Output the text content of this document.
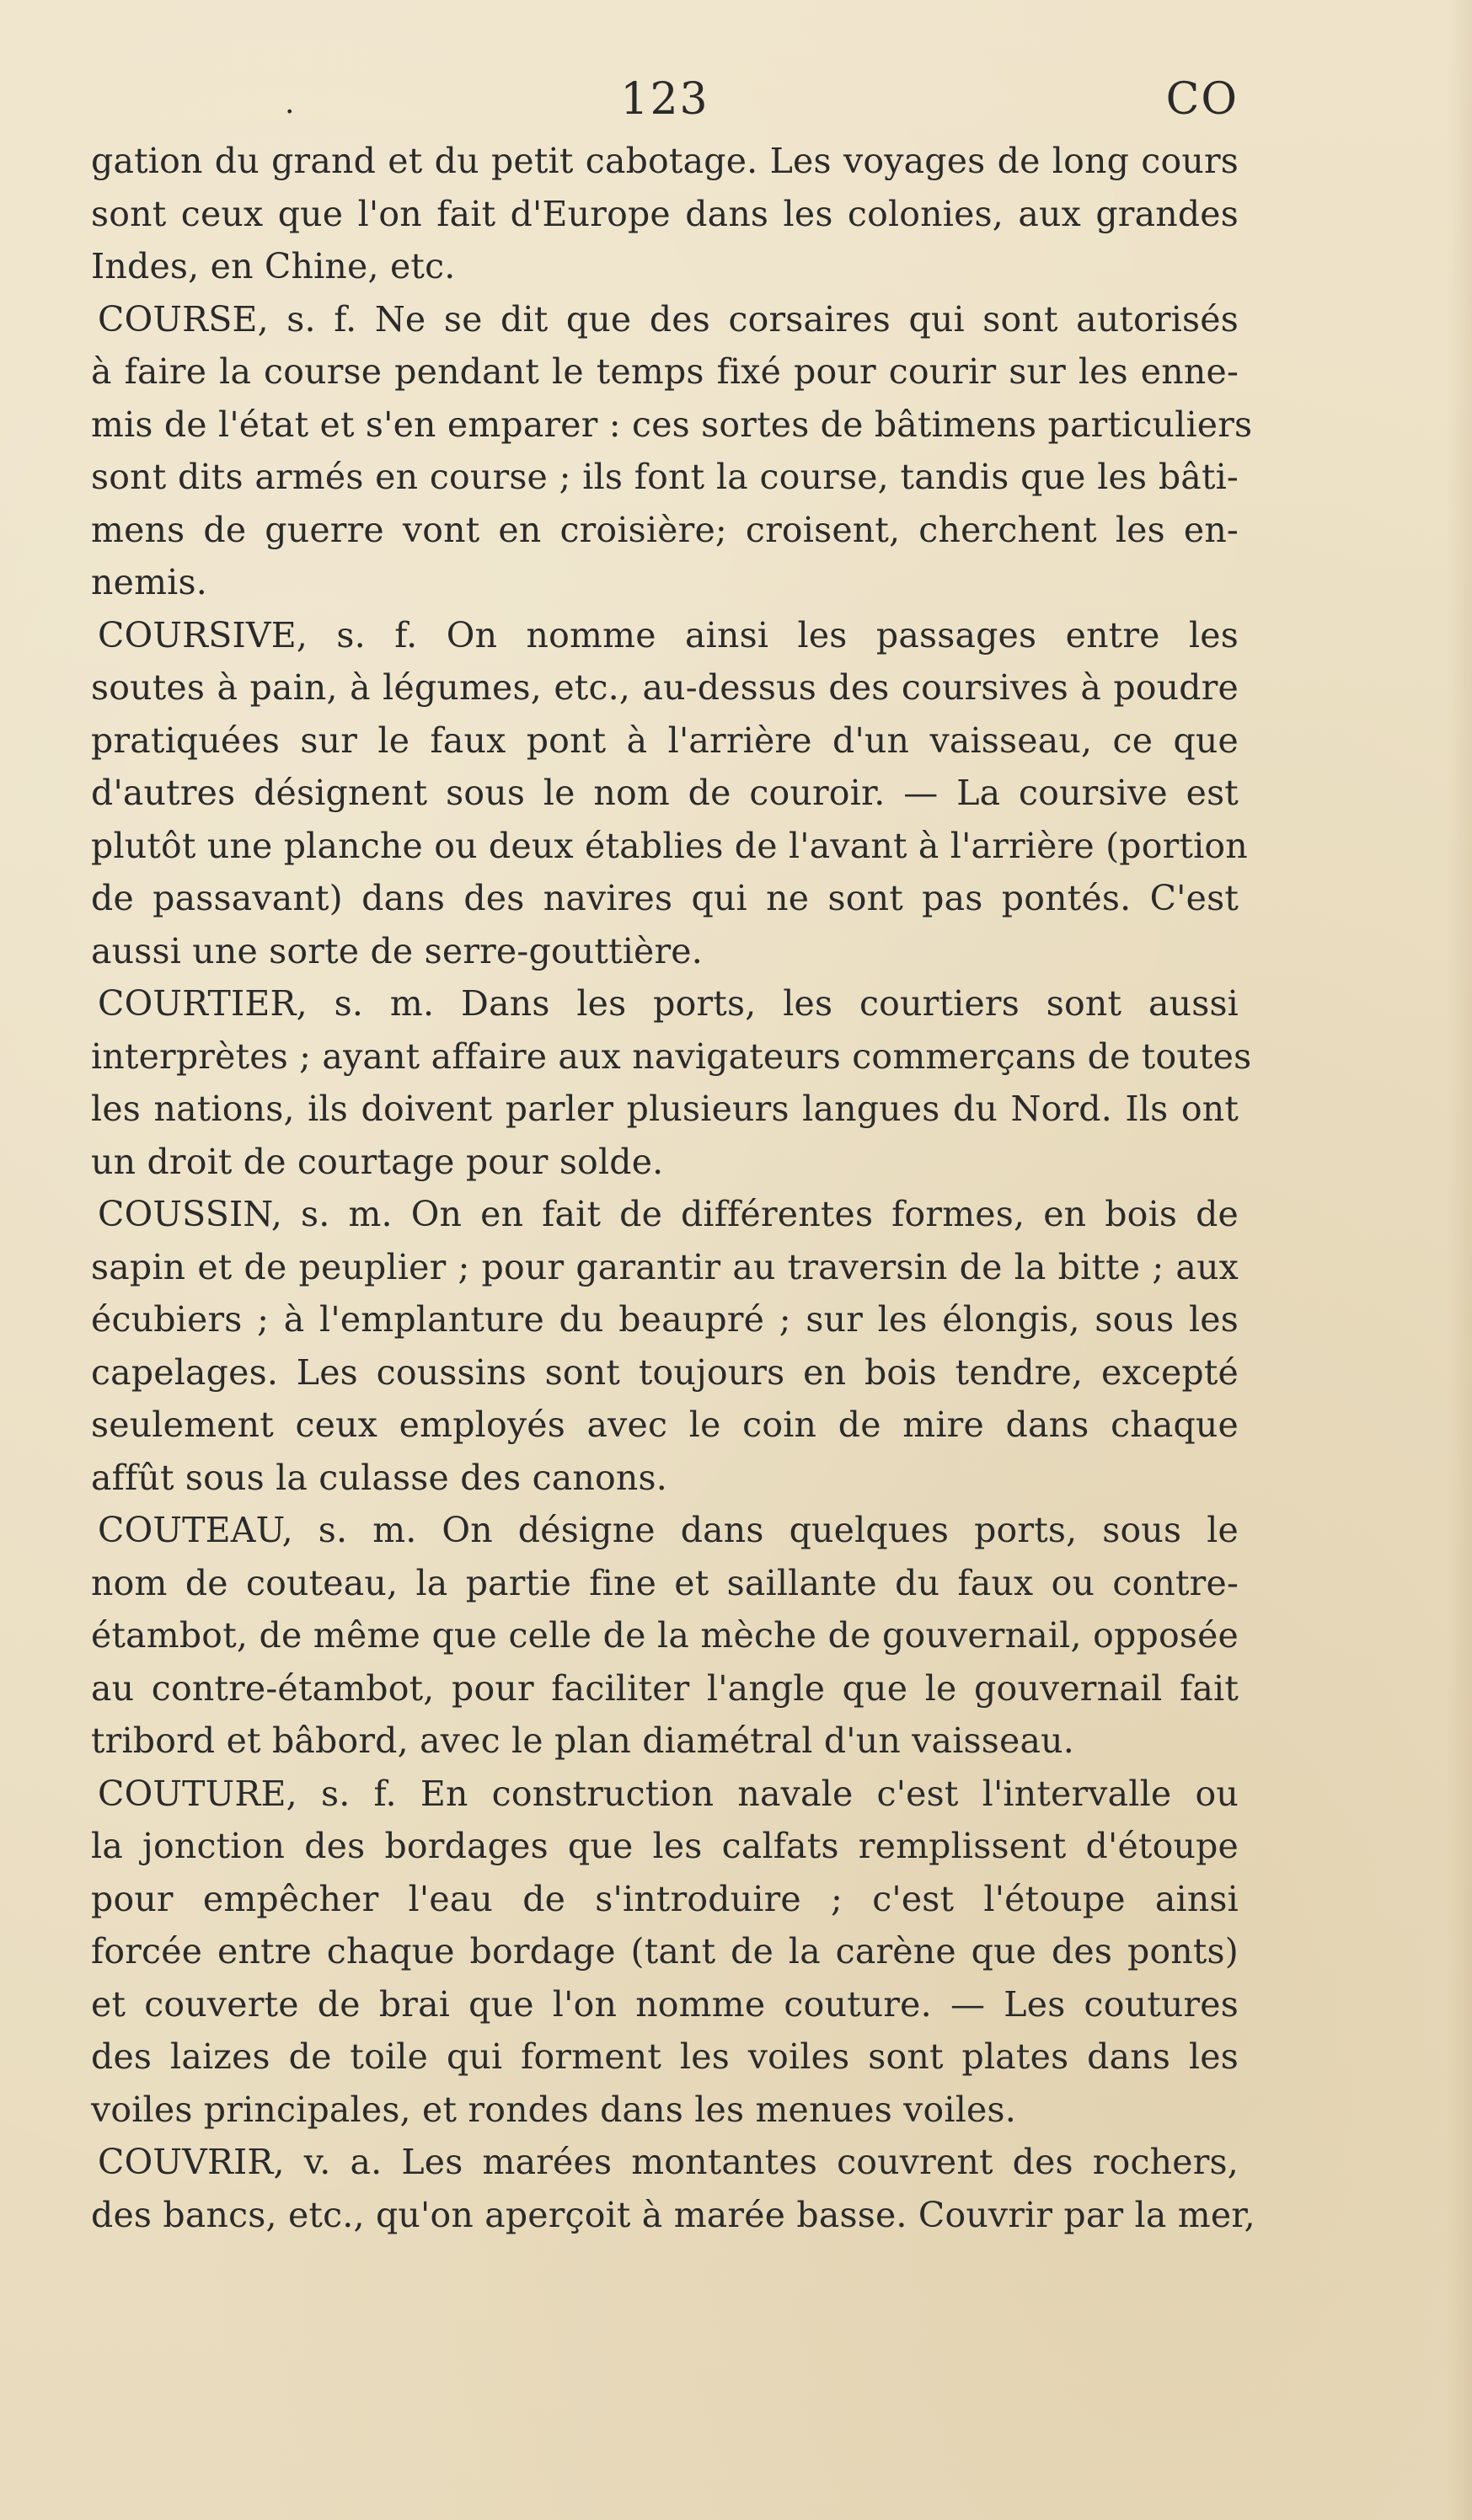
.	123	CO
gation du grand et du petit cabotage. Les voyages de long cours
sont ceux que l'on fait d'Europe dans les colonies, aux grandes
Indes, en Chine, etc.
COURSE, s. f. Ne se dit que des corsaires qui sont autorisés
à faire la course pendant le temps fixé pour courir sur les enne-
mis de l'état et s'en emparer : ces sortes de bâtimens particuliers
sont dits armés en course ; ils font la course, tandis que les bâti-
mens de guerre vont en croisière; croisent, cherchent les en-
nemis.
COURSIVE, s. f. On nomme ainsi les passages entre les
soutes à pain, à légumes, etc., au-dessus des coursives à poudre
pratiquées sur le faux pont à l'arrière d'un vaisseau, ce que
d'autres désignent sous le nom de couroir. — La coursive est
plutôt une planche ou deux établies de l'avant à l'arrière (portion
de passavant) dans des navires qui ne sont pas pontés. C'est
aussi une sorte de serre-gouttière.
COURTIER, s. m. Dans les ports, les courtiers sont aussi
interprètes ; ayant affaire aux navigateurs commerçans de toutes
les nations, ils doivent parler plusieurs langues du Nord. Ils ont
un droit de courtage pour solde.
COUSSIN, s. m. On en fait de différentes formes, en bois de
sapin et de peuplier ; pour garantir au traversin de la bitte ; aux
écubiers ; à l'emplanture du beaupré ; sur les élongis, sous les
capelages. Les coussins sont toujours en bois tendre, excepté
seulement ceux employés avec le coin de mire dans chaque
affût sous la culasse des canons.
COUTEAU, s. m. On désigne dans quelques ports, sous le
nom de couteau, la partie fine et saillante du faux ou contre-
étambot, de même que celle de la mèche de gouvernail, opposée
au contre-étambot, pour faciliter l'angle que le gouvernail fait
tribord et bâbord, avec le plan diamétral d'un vaisseau.
COUTURE, s. f. En construction navale c'est l'intervalle ou
la jonction des bordages que les calfats remplissent d'étoupe
pour empêcher l'eau de s'introduire ; c'est l'étoupe ainsi
forcée entre chaque bordage (tant de la carène que des ponts)
et couverte de brai que l'on nomme couture. — Les coutures
des laizes de toile qui forment les voiles sont plates dans les
voiles principales, et rondes dans les menues voiles.
COUVRIR, v. a. Les marées montantes couvrent des rochers,
des bancs, etc., qu'on aperçoit à marée basse. Couvrir par la mer,
